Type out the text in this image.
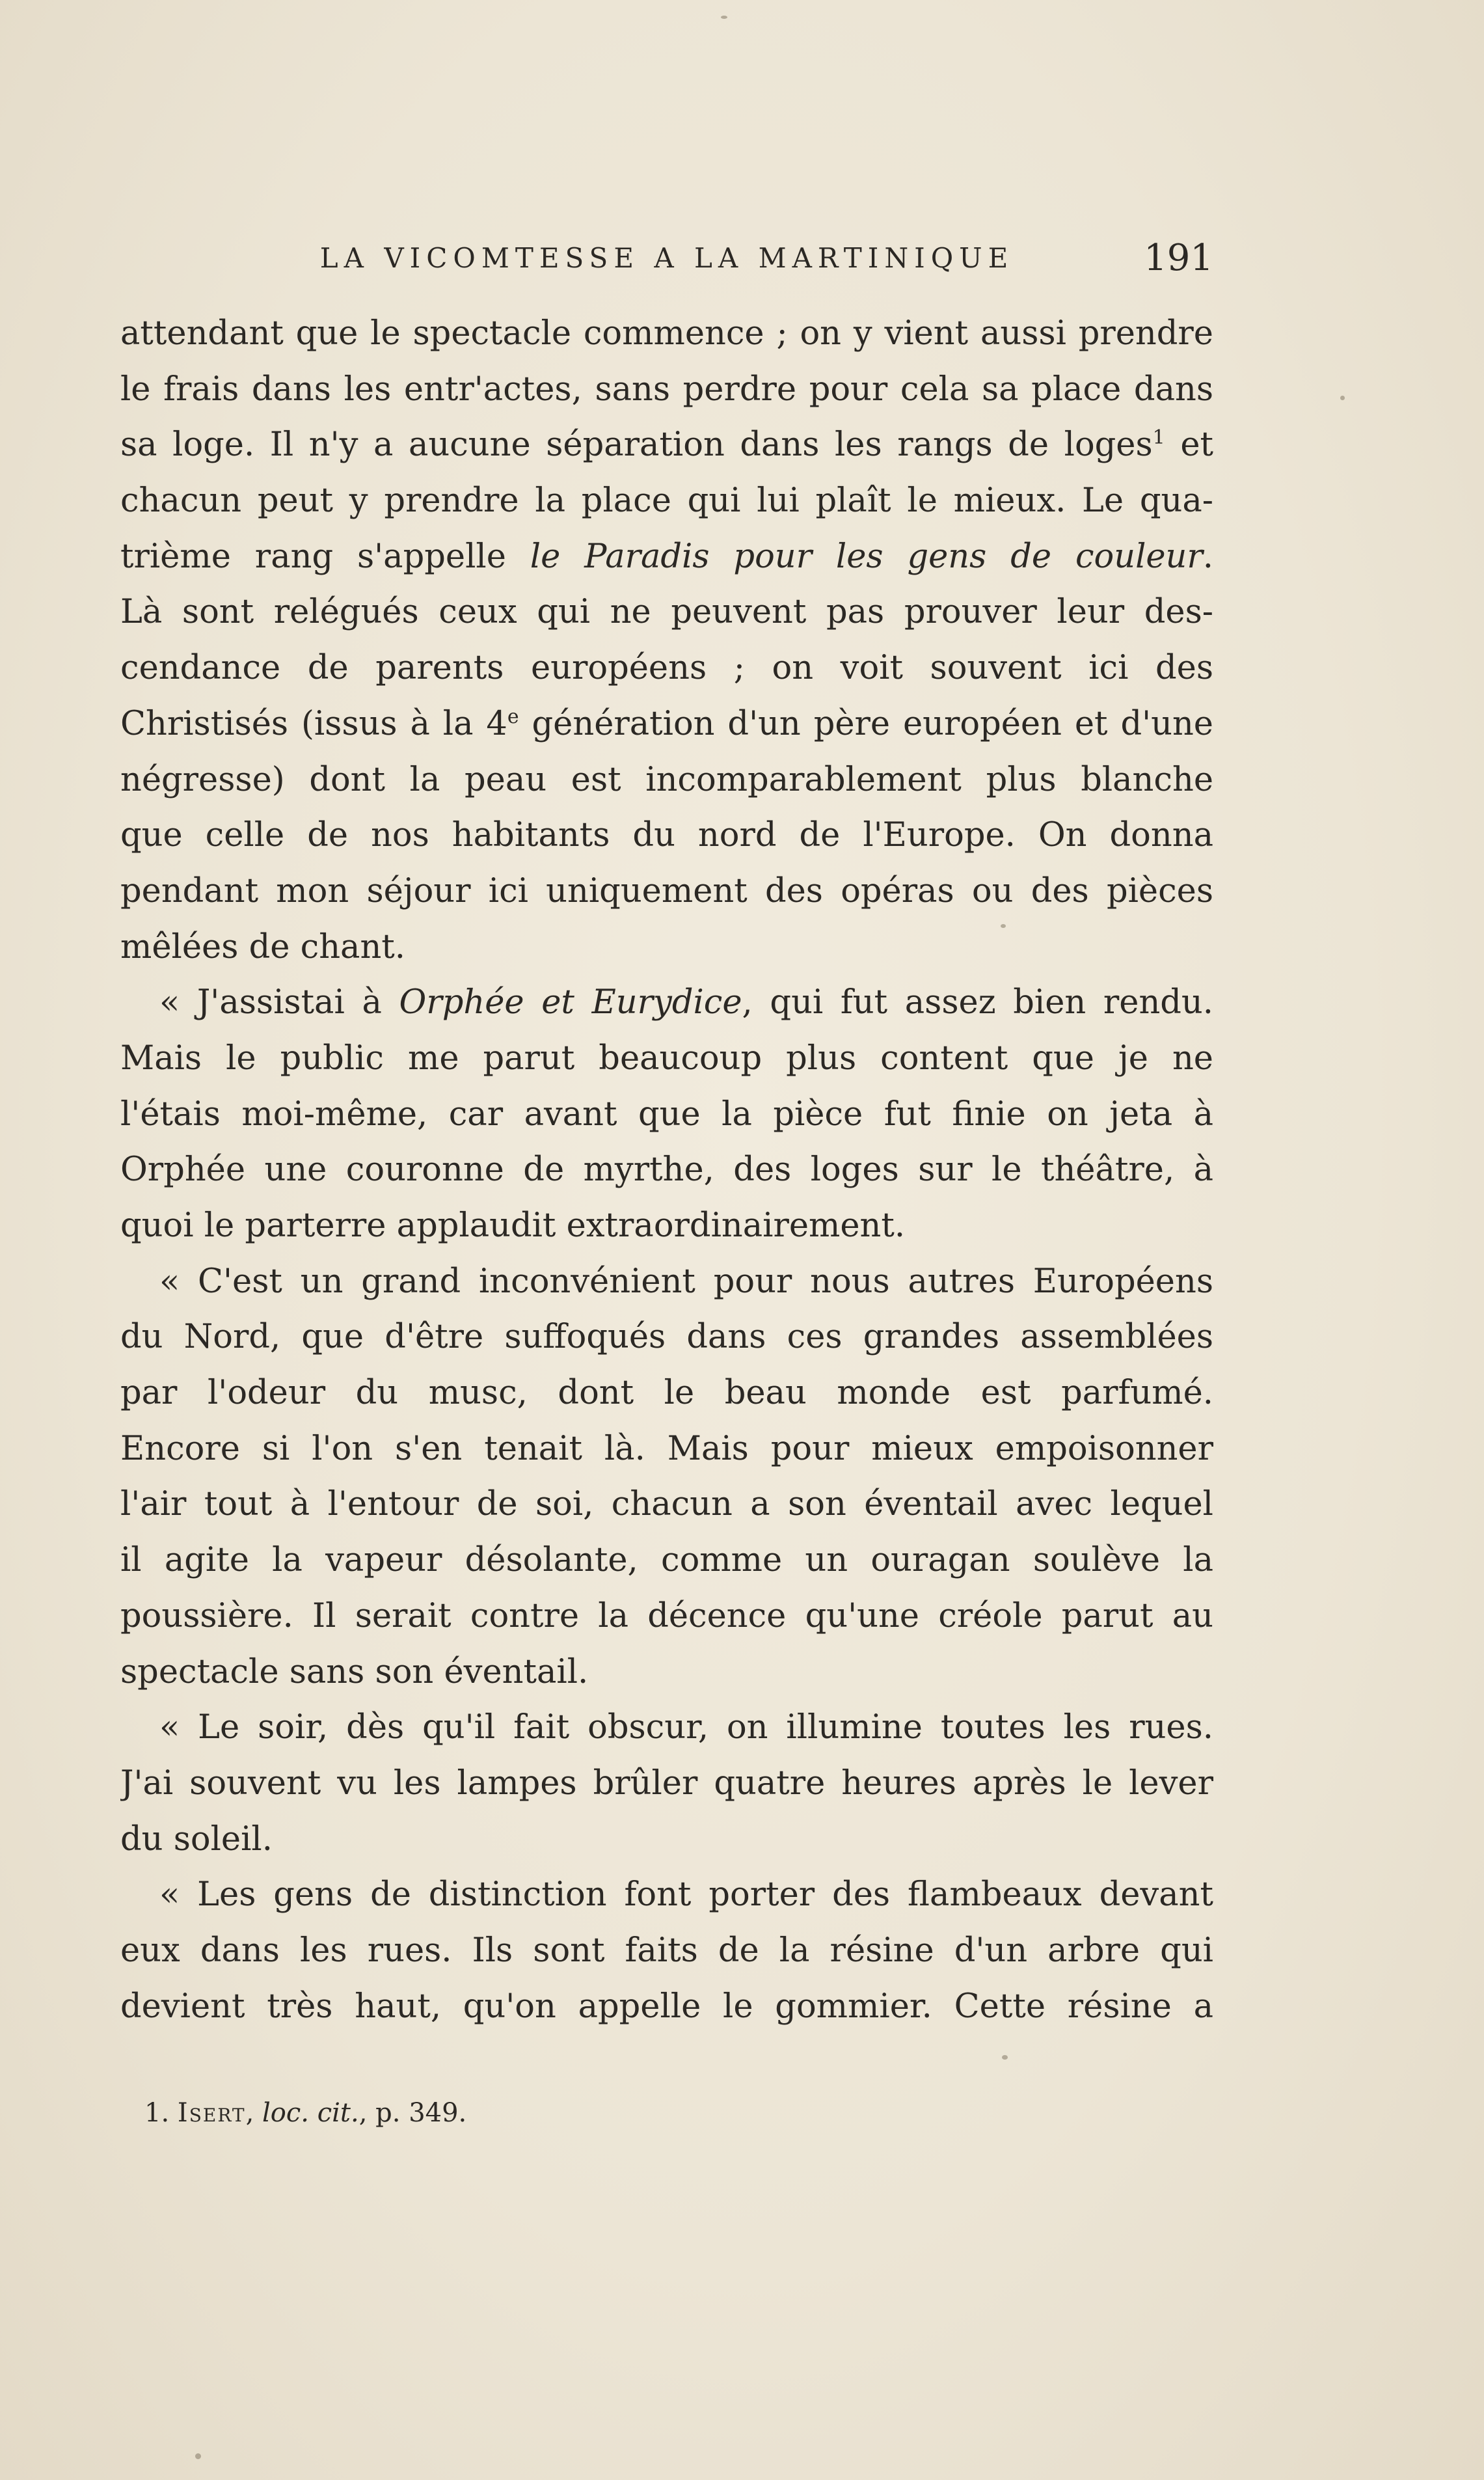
LA VICOMTESSE A LA MARTINIQUE	191
attendant que le spectacle commence ; on y vient aussi prendre
le frais dans les entr'actes, sans perdre pour cela sa place dans
sa loge. Il n'y a aucune séparation dans les rangs de loges$^1$ et
chacun peut y prendre la place qui lui plaît le mieux. Le qua-
trième rang s'appelle le Paradis pour les gens de couleur.
Là sont relégués ceux qui ne peuvent pas prouver leur des-
cendance de parents européens ; on voit souvent ici des
Christisés (issus à la 4e génération d'un père européen et d'une
négresse) dont la peau est incomparablement plus blanche
que celle de nos habitants du nord de l'Europe. On donna
pendant mon séjour ici uniquement des opéras ou des pièces
mêlées de chant.
« J'assistai à Orphée et Eurydice, qui fut assez bien rendu.
Mais le public me parut beaucoup plus content que je ne
l'étais moi-même, car avant que la pièce fut finie on jeta à
Orphée une couronne de myrthe, des loges sur le théâtre, à
quoi le parterre applaudit extraordinairement.
« C'est un grand inconvénient pour nous autres Européens
du Nord, que d'être suffoqués dans ces grandes assemblées
par l'odeur du musc, dont le beau monde est parfumé.
Encore si l'on s'en tenait là. Mais pour mieux empoisonner
l'air tout à l'entour de soi, chacun a son éventail avec lequel
il agite la vapeur désolante, comme un ouragan soulève la
poussière. Il serait contre la décence qu'une créole parut au
spectacle sans son éventail.
« Le soir, dès qu'il fait obscur, on illumine toutes les rues.
J'ai souvent vu les lampes brûler quatre heures après le lever
du soleil.
« Les gens de distinction font porter des flambeaux devant
eux dans les rues. Ils sont faits de la résine d'un arbre qui
devient très haut, qu'on appelle le gommier. Cette résine a
1. Isert, loc. cit., p. 349.
